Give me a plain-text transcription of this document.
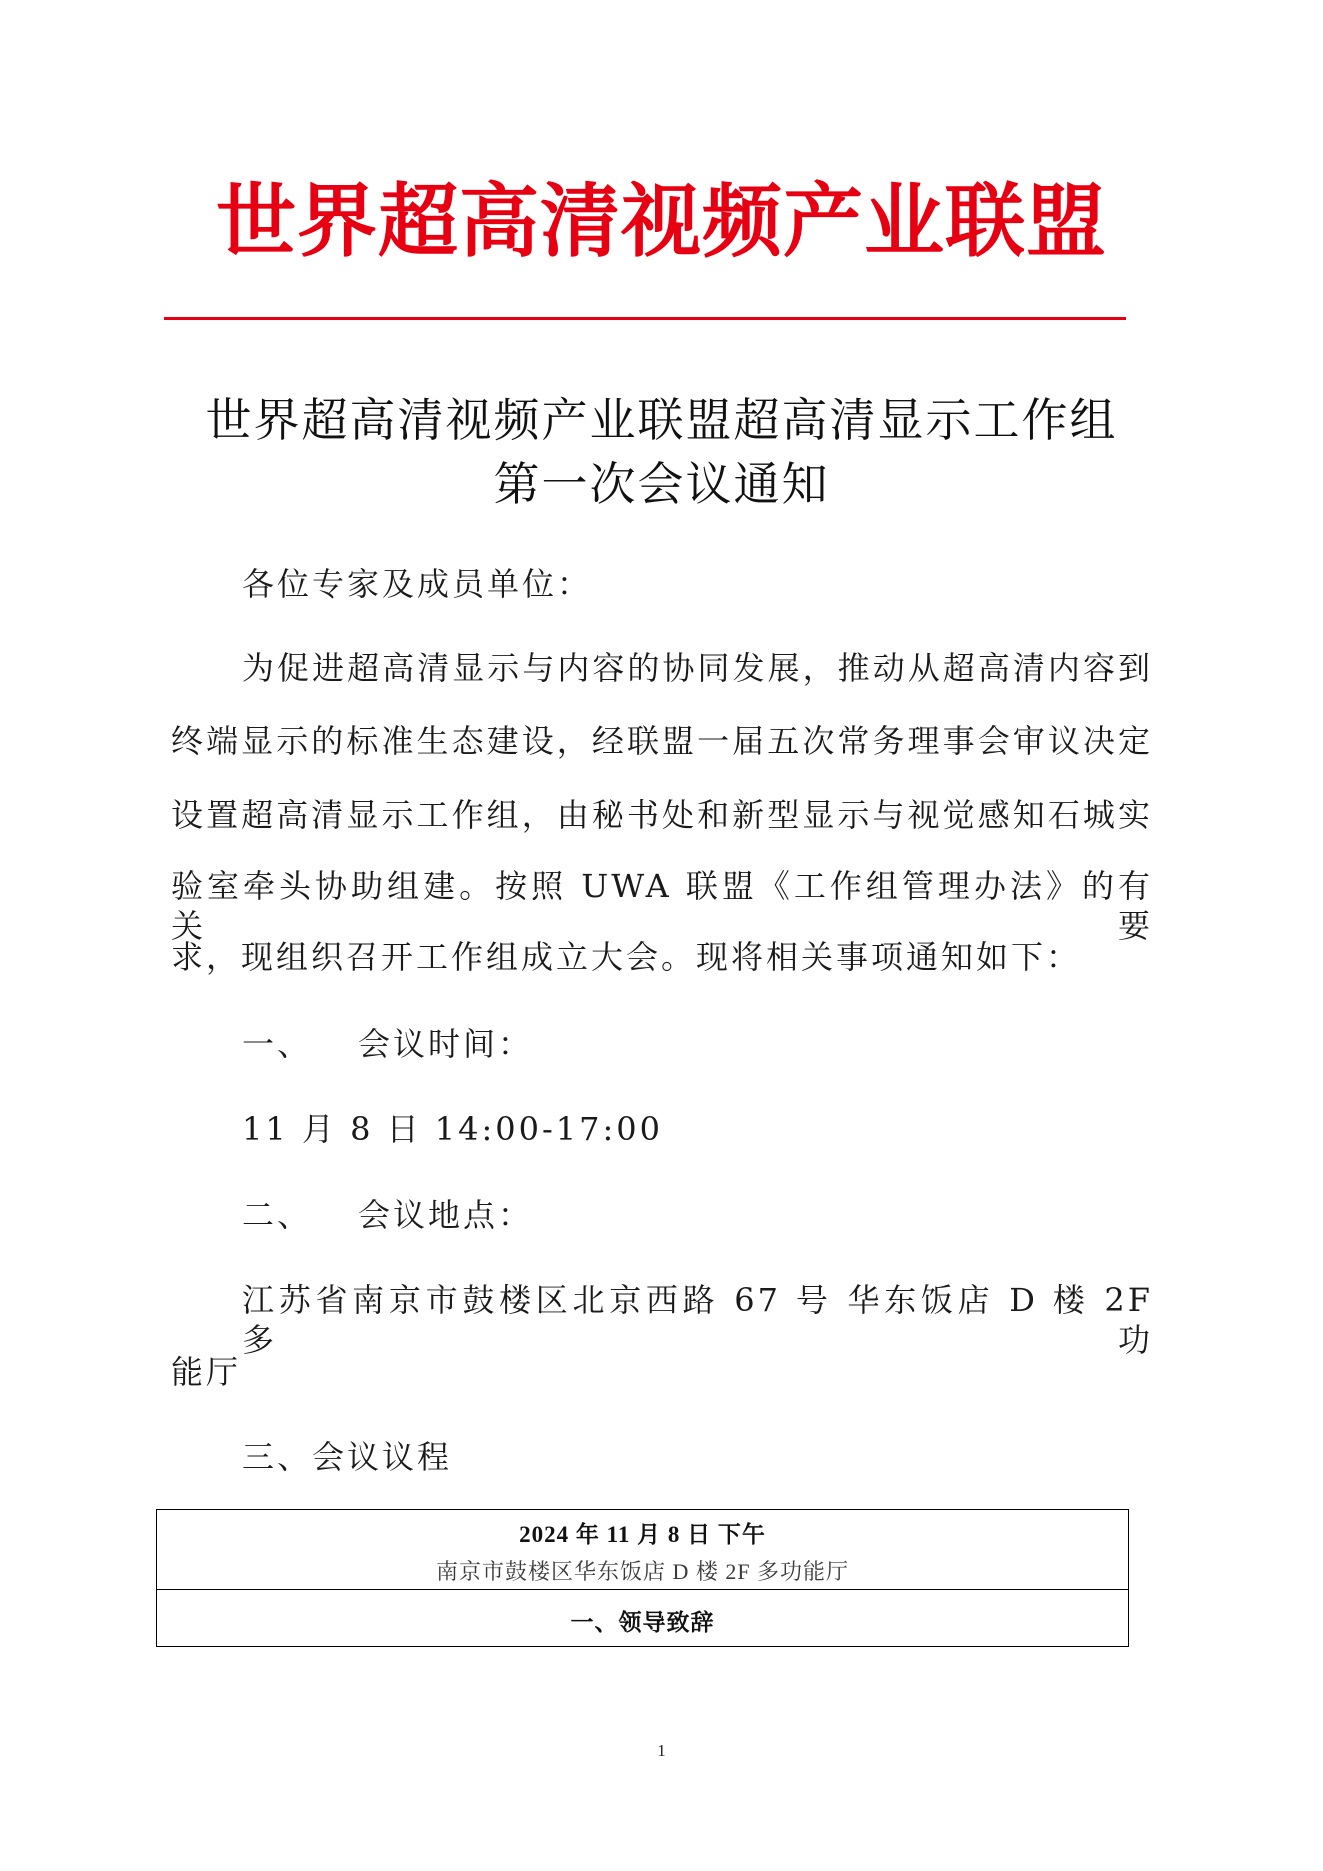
世界超高清视频产业联盟
世界超高清视频产业联盟超高清显示工作组
第一次会议通知
各位专家及成员单位：
为促进超高清显示与内容的协同发展，推动从超高清内容到
终端显示的标准生态建设，经联盟一届五次常务理事会审议决定
设置超高清显示工作组，由秘书处和新型显示与视觉感知石城实
验室牵头协助组建。按照 UWA 联盟《工作组管理办法》的有关要
求，现组织召开工作组成立大会。现将相关事项通知如下：
一、 会议时间：
11 月 8 日 14:00-17:00
二、 会议地点：
江苏省南京市鼓楼区北京西路 67 号 华东饭店 D 楼 2F 多功
能厅
三、会议议程
2024 年 11 月 8 日 下午
南京市鼓楼区华东饭店 D 楼 2F 多功能厅
一、领导致辞
1
